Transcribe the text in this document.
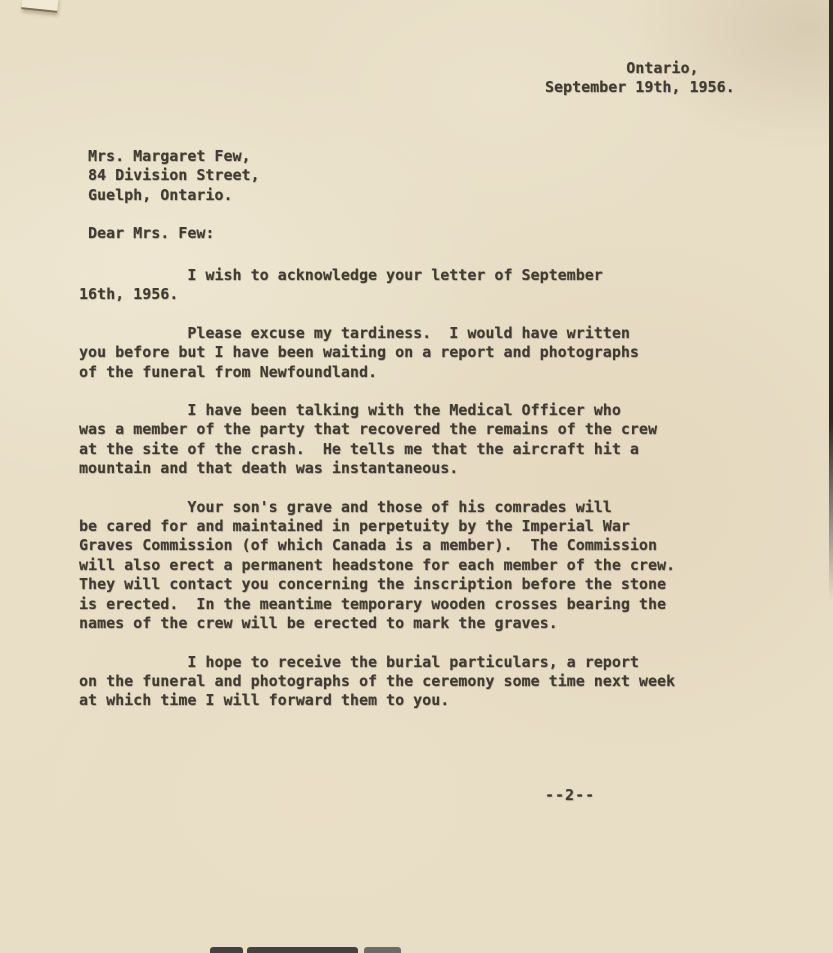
Ontario,
September 19th, 1956.
Mrs. Margaret Few,
84 Division Street,
Guelph, Ontario.
Dear Mrs. Few:
I wish to acknowledge your letter of September
16th, 1956.
Please excuse my tardiness.  I would have written
you before but I have been waiting on a report and photographs
of the funeral from Newfoundland.
I have been talking with the Medical Officer who
was a member of the party that recovered the remains of the crew
at the site of the crash.  He tells me that the aircraft hit a
mountain and that death was instantaneous.
Your son's grave and those of his comrades will
be cared for and maintained in perpetuity by the Imperial War
Graves Commission (of which Canada is a member).  The Commission
will also erect a permanent headstone for each member of the crew.
They will contact you concerning the inscription before the stone
is erected.  In the meantime temporary wooden crosses bearing the
names of the crew will be erected to mark the graves.
I hope to receive the burial particulars, a report
on the funeral and photographs of the ceremony some time next week
at which time I will forward them to you.
--2--
